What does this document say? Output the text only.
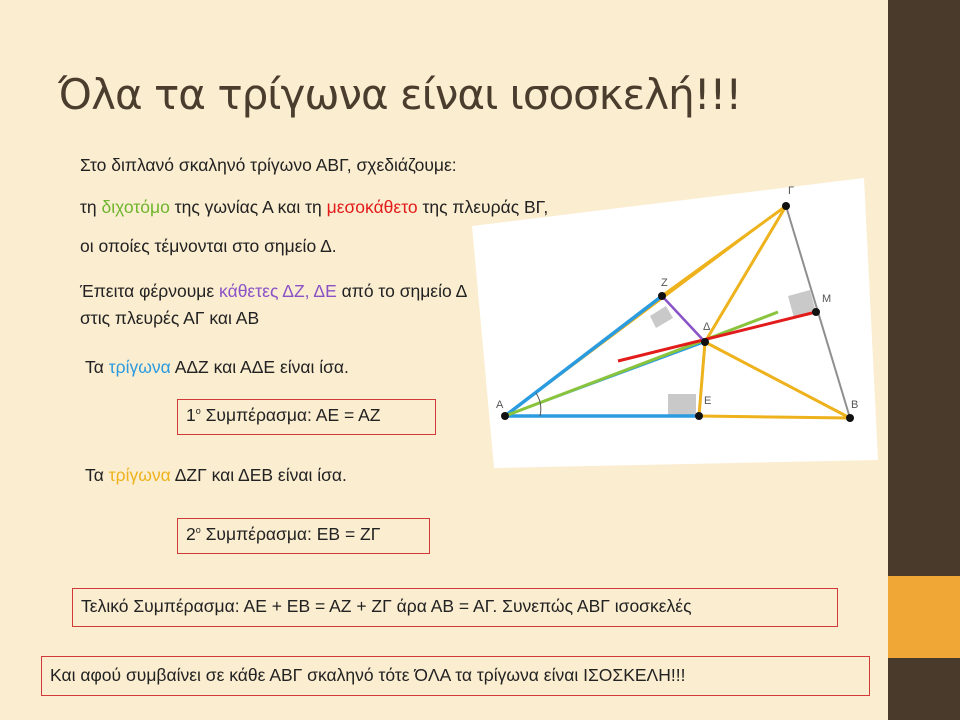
Όλα τα τρίγωνα είναι ισοσκελή!!!

Στο διπλανό σκαληνό τρίγωνο ΑΒΓ, σχεδιάζουμε:

τη διχοτόμο της γωνίας Α και τη μεσοκάθετο της πλευράς ΒΓ,

οι οποίες τέμνονται στο σημείο Δ.

Έπειτα φέρνουμε κάθετες ΔΖ, ΔΕ από το σημείο Δ

στις πλευρές ΑΓ και ΑΒ

Τα τρίγωνα ΑΔΖ και ΑΔΕ είναι ίσα.

$1^o$ Συμπέρασμα: ΑΕ = ΑΖ

Τα τρίγωνα ΔΖΓ και ΔΕΒ είναι ίσα.

$2^o$ Συμπέρασμα: ΕΒ = ΖΓ
Τελικό Συμπέρασμα: ΑΕ + ΕΒ = ΑΖ + ΖΓ άρα ΑΒ = ΑΓ. Συνεπώς ΑΒΓ ισοσκελές
Και αφού συμβαίνει σε κάθε ΑΒΓ σκαληνό τότε ΌΛΑ τα τρίγωνα είναι ΙΣΟΣΚΕΛΗ!!!
Α	Β
Γ
Ζ
Ε
Δ
Μ
